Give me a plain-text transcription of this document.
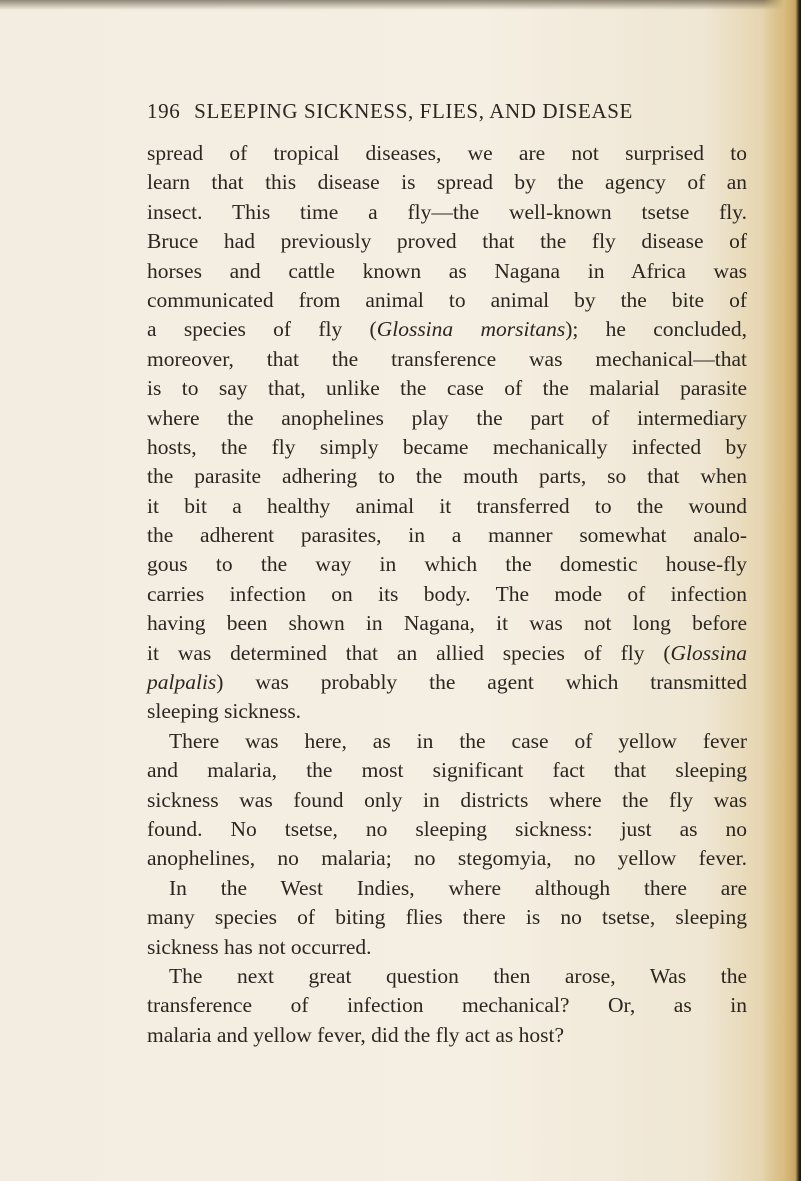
196 SLEEPING SICKNESS, FLIES, AND DISEASE
spread of tropical diseases, we are not surprised to
learn that this disease is spread by the agency of an
insect. This time a fly—the well-known tsetse fly.
Bruce had previously proved that the fly disease of
horses and cattle known as Nagana in Africa was
communicated from animal to animal by the bite of
a species of fly (Glossina morsitans); he concluded,
moreover, that the transference was mechanical—that
is to say that, unlike the case of the malarial parasite
where the anophelines play the part of intermediary
hosts, the fly simply became mechanically infected by
the parasite adhering to the mouth parts, so that when
it bit a healthy animal it transferred to the wound
the adherent parasites, in a manner somewhat analo-
gous to the way in which the domestic house-fly
carries infection on its body. The mode of infection
having been shown in Nagana, it was not long before
it was determined that an allied species of fly (Glossina
palpalis) was probably the agent which transmitted
sleeping sickness.
There was here, as in the case of yellow fever
and malaria, the most significant fact that sleeping
sickness was found only in districts where the fly was
found. No tsetse, no sleeping sickness: just as no
anophelines, no malaria; no stegomyia, no yellow fever.
In the West Indies, where although there are
many species of biting flies there is no tsetse, sleeping
sickness has not occurred.
The next great question then arose, Was the
transference of infection mechanical? Or, as in
malaria and yellow fever, did the fly act as host?
